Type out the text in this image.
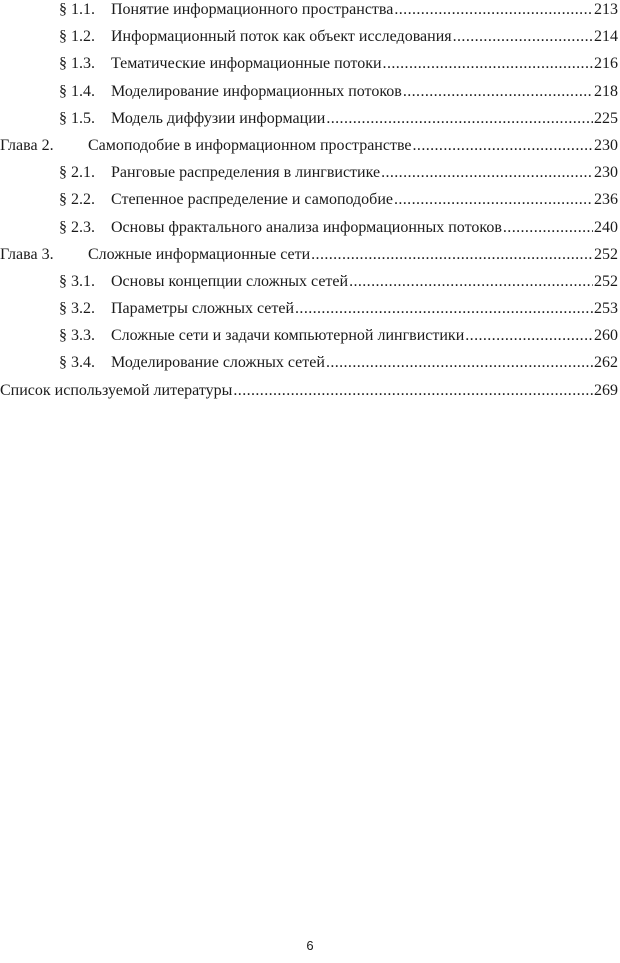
§ 1.1. Понятие информационного пространства .....	213
§ 1.2. Информационный поток как объект исследования .....	214
§ 1.3. Тематические информационные потоки .....	216
§ 1.4. Моделирование информационных потоков .....	218
§ 1.5. Модель диффузии информации .....	225
Глава 2. Самоподобие в информационном пространстве .....	230
§ 2.1. Ранговые распределения в лингвистике .....	230
§ 2.2. Степенное распределение и самоподобие .....	236
§ 2.3. Основы фрактального анализа информационных потоков .....	240
Глава 3. Сложные информационные сети .....	252
§ 3.1. Основы концепции сложных сетей .....	252
§ 3.2. Параметры сложных сетей .....	253
§ 3.3. Сложные сети и задачи компьютерной лингвистики .....	260
§ 3.4. Моделирование сложных сетей .....	262
Список используемой литературы .....	269
6
